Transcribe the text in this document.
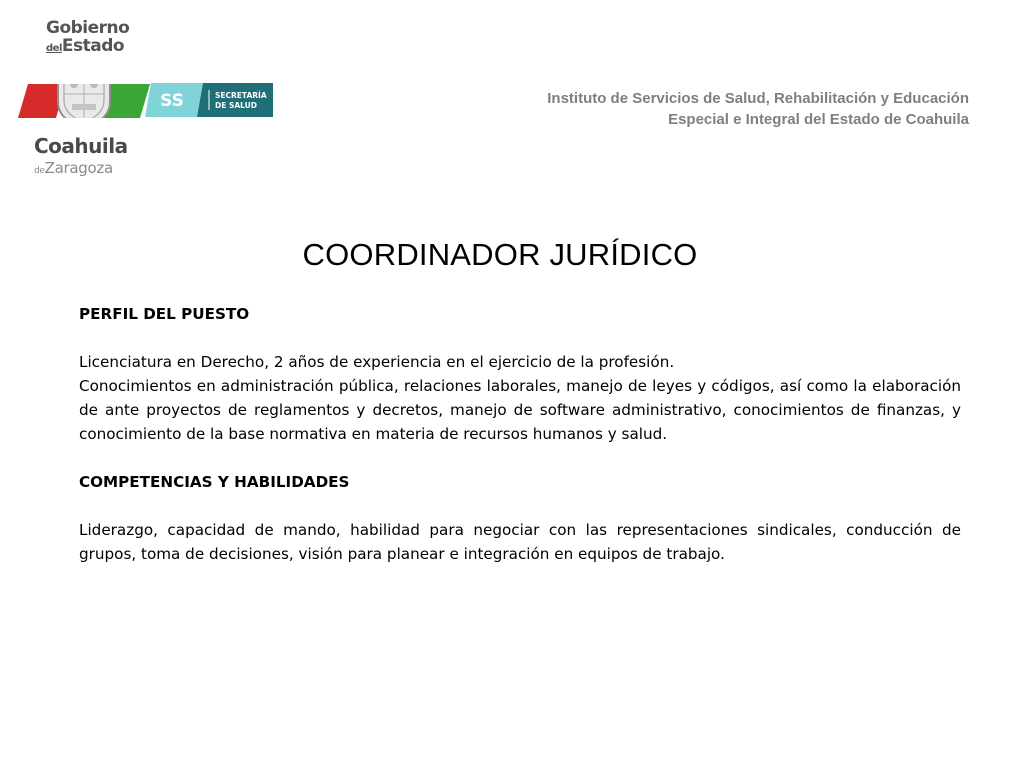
Gobierno
delEstado
Coahuila
deZaragoza
SS	SECRETARÍA
DE SALUD	Instituto de Servicios de Salud, Rehabilitación y Educación
Especial e Integral del Estado de Coahuila
COORDINADOR JURÍDICO

PERFIL DEL PUESTO

Licenciatura en Derecho, 2 años de experiencia en el ejercicio de la profesión.

Conocimientos en administración pública, relaciones laborales, manejo de leyes y códigos, así como la elaboración de ante proyectos de reglamentos y decretos, manejo de software administrativo, conocimientos de finanzas, y conocimiento de la base normativa en materia de recursos humanos y salud.

COMPETENCIAS Y HABILIDADES

Liderazgo, capacidad de mando, habilidad para negociar con las representaciones sindicales, conducción de grupos, toma de decisiones, visión para planear e integración en equipos de trabajo.
